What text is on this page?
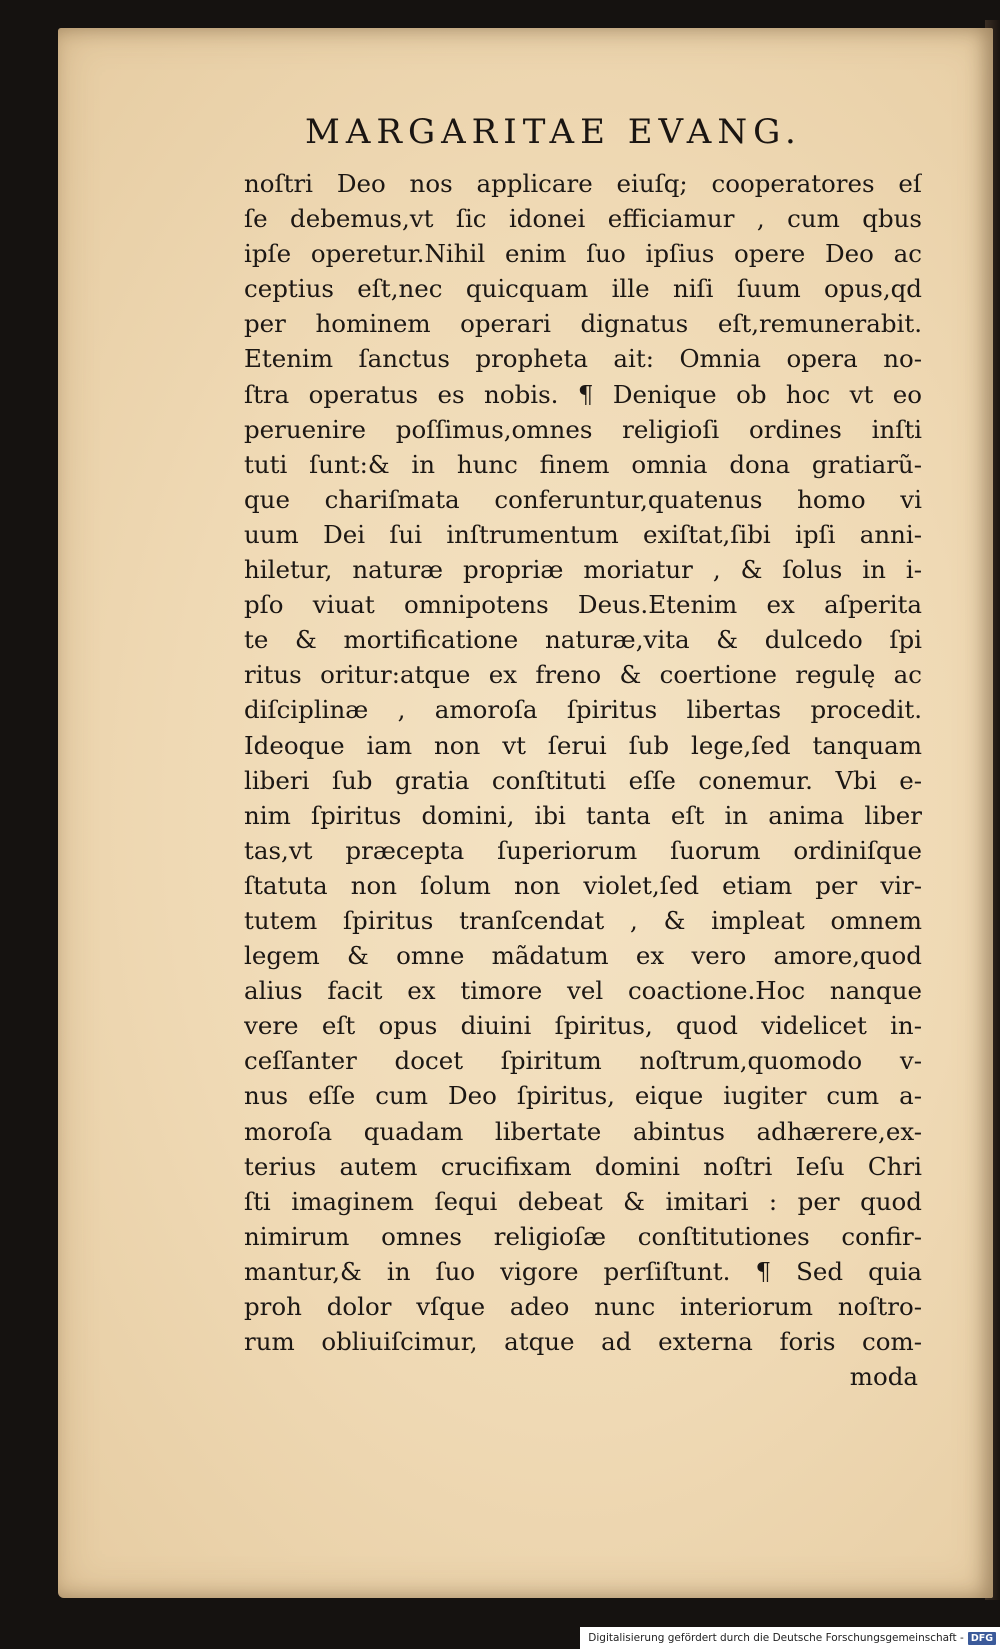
MARGARITAE EVANG.
noſtri Deo nos applicare eiuſq; cooperatores eſ
ſe debemus,vt ſic idonei efficiamur , cum qbus
ipſe operetur.Nihil enim ſuo ipſius opere Deo ac
ceptius eſt,nec quicquam ille niſi ſuum opus,qd
per hominem operari dignatus eſt,remunerabit.
Etenim ſanctus propheta ait: Omnia opera no-
ſtra operatus es nobis. ¶ Denique ob hoc vt eo
peruenire poſſimus,omnes religioſi ordines inſti
tuti ſunt:& in hunc finem omnia dona gratiarũ-
que chariſmata conferuntur,quatenus homo vi
uum Dei ſui inſtrumentum exiſtat,ſibi ipſi anni-
hiletur, naturæ propriæ moriatur , & ſolus in i-
pſo viuat omnipotens Deus.Etenim ex aſperita
te & mortificatione naturæ,vita & dulcedo ſpi
ritus oritur:atque ex freno & coertione regulę ac
diſciplinæ , amoroſa ſpiritus libertas procedit.
Ideoque iam non vt ſerui ſub lege,ſed tanquam
liberi ſub gratia conſtituti eſſe conemur. Vbi e-
nim ſpiritus domini, ibi tanta eſt in anima liber
tas,vt præcepta ſuperiorum ſuorum ordiniſque
ſtatuta non ſolum non violet,ſed etiam per vir-
tutem ſpiritus tranſcendat , & impleat omnem
legem & omne mãdatum ex vero amore,quod
alius facit ex timore vel coactione.Hoc nanque
vere eſt opus diuini ſpiritus, quod videlicet in-
ceſſanter docet ſpiritum noſtrum,quomodo v-
nus eſſe cum Deo ſpiritus, eique iugiter cum a-
moroſa quadam libertate abintus adhærere,ex-
terius autem crucifixam domini noſtri Ieſu Chri
ſti imaginem ſequi debeat & imitari : per quod
nimirum omnes religioſæ conſtitutiones confir-
mantur,& in ſuo vigore perſiſtunt. ¶ Sed quia
proh dolor vſque adeo nunc interiorum noſtro-
rum obliuiſcimur, atque ad externa foris com-
moda
Digitalisierung gefördert durch die Deutsche Forschungsgemeinschaft - DFG
